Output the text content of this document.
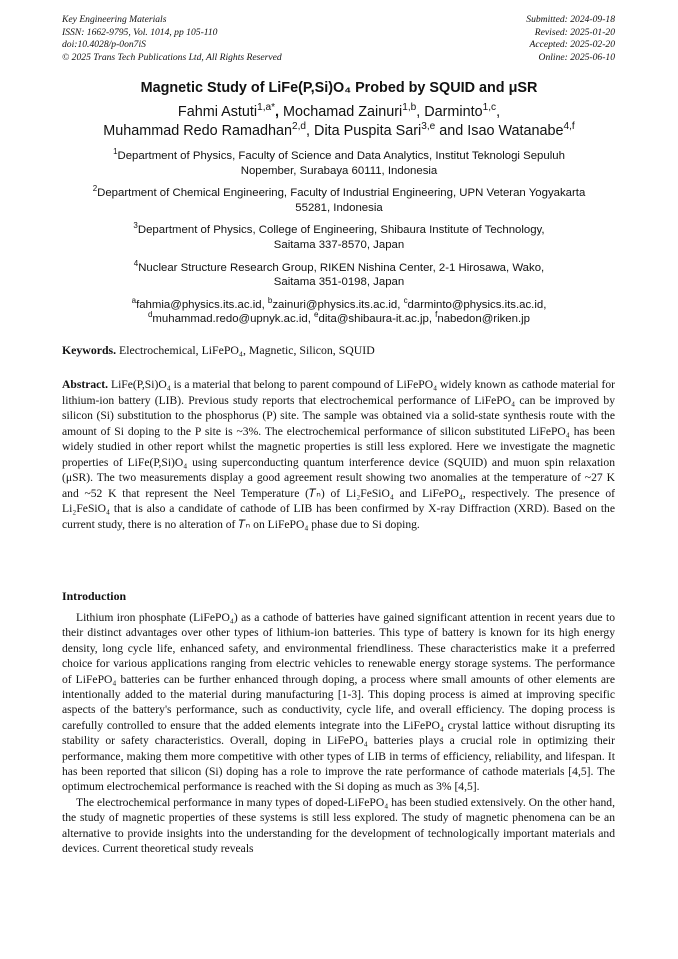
Key Engineering Materials
ISSN: 1662-9795, Vol. 1014, pp 105-110
doi:10.4028/p-0on7iS
© 2025 Trans Tech Publications Ltd, All Rights Reserved
Submitted: 2024-09-18
Revised: 2025-01-20
Accepted: 2025-02-20
Online: 2025-06-10
Magnetic Study of LiFe(P,Si)O₄ Probed by SQUID and μSR
Fahmi Astuti$^{1,a*}$, Mochamad Zainuri$^{1,b}$, Darminto$^{1,c}$,
Muhammad Redo Ramadhan$^{2,d}$, Dita Puspita Sari$^{3,e}$ and Isao Watanabe$^{4,f}$
$^1$Department of Physics, Faculty of Science and Data Analytics, Institut Teknologi Sepuluh
Nopember, Surabaya 60111, Indonesia
$^2$Department of Chemical Engineering, Faculty of Industrial Engineering, UPN Veteran Yogyakarta
55281, Indonesia
$^3$Department of Physics, College of Engineering, Shibaura Institute of Technology,
Saitama 337-8570, Japan
$^4$Nuclear Structure Research Group, RIKEN Nishina Center, 2-1 Hirosawa, Wako,
Saitama 351-0198, Japan
$^a$fahmia@physics.its.ac.id, $^b$zainuri@physics.its.ac.id, $^c$darminto@physics.its.ac.id,
$^d$muhammad.redo@upnyk.ac.id, $^e$dita@shibaura-it.ac.jp, $^f$nabedon@riken.jp
Keywords. Electrochemical, LiFePO₄, Magnetic, Silicon, SQUID
Abstract. LiFe(P,Si)O₄ is a material that belong to parent compound of LiFePO₄ widely known as cathode material for lithium-ion battery (LIB). Previous study reports that electrochemical performance of LiFePO₄ can be improved by silicon (Si) substitution to the phosphorus (P) site. The sample was obtained via a solid-state synthesis route with the amount of Si doping to the P site is ~3%. The electrochemical performance of silicon substituted LiFePO₄ has been widely studied in other report whilst the magnetic properties is still less explored. Here we investigate the magnetic properties of LiFe(P,Si)O₄ using superconducting quantum interference device (SQUID) and muon spin relaxation (μSR). The two measurements display a good agreement result showing two anomalies at the temperature of ~27 K and ~52 K that represent the Neel Temperature (𝑇ₙ) of Li₂FeSiO₄ and LiFePO₄, respectively. The presence of Li₂FeSiO₄ that is also a candidate of cathode of LIB has been confirmed by X-ray Diffraction (XRD). Based on the current study, there is no alteration of 𝑇ₙ on LiFePO₄ phase due to Si doping.
Introduction

Lithium iron phosphate (LiFePO₄) as a cathode of batteries have gained significant attention in recent years due to their distinct advantages over other types of lithium-ion batteries. This type of battery is known for its high energy density, long cycle life, enhanced safety, and environmental friendliness. These characteristics make it a preferred choice for various applications ranging from electric vehicles to renewable energy storage systems. The performance of LiFePO₄ batteries can be further enhanced through doping, a process where small amounts of other elements are intentionally added to the material during manufacturing [1-3]. This doping process is aimed at improving specific aspects of the battery's performance, such as conductivity, cycle life, and overall efficiency. The doping process is carefully controlled to ensure that the added elements integrate into the LiFePO₄ crystal lattice without disrupting its stability or safety characteristics. Overall, doping in LiFePO₄ batteries plays a crucial role in optimizing their performance, making them more competitive with other types of LIB in terms of efficiency, reliability, and lifespan. It has been reported that silicon (Si) doping has a role to improve the rate performance of cathode materials [4,5]. The optimum electrochemical performance is reached with the Si doping as much as 3% [4,5].

The electrochemical performance in many types of doped-LiFePO₄ has been studied extensively. On the other hand, the study of magnetic properties of these systems is still less explored. The study of magnetic phenomena can be an alternative to provide insights into the understanding for the development of technologically important materials and devices. Current theoretical study reveals
